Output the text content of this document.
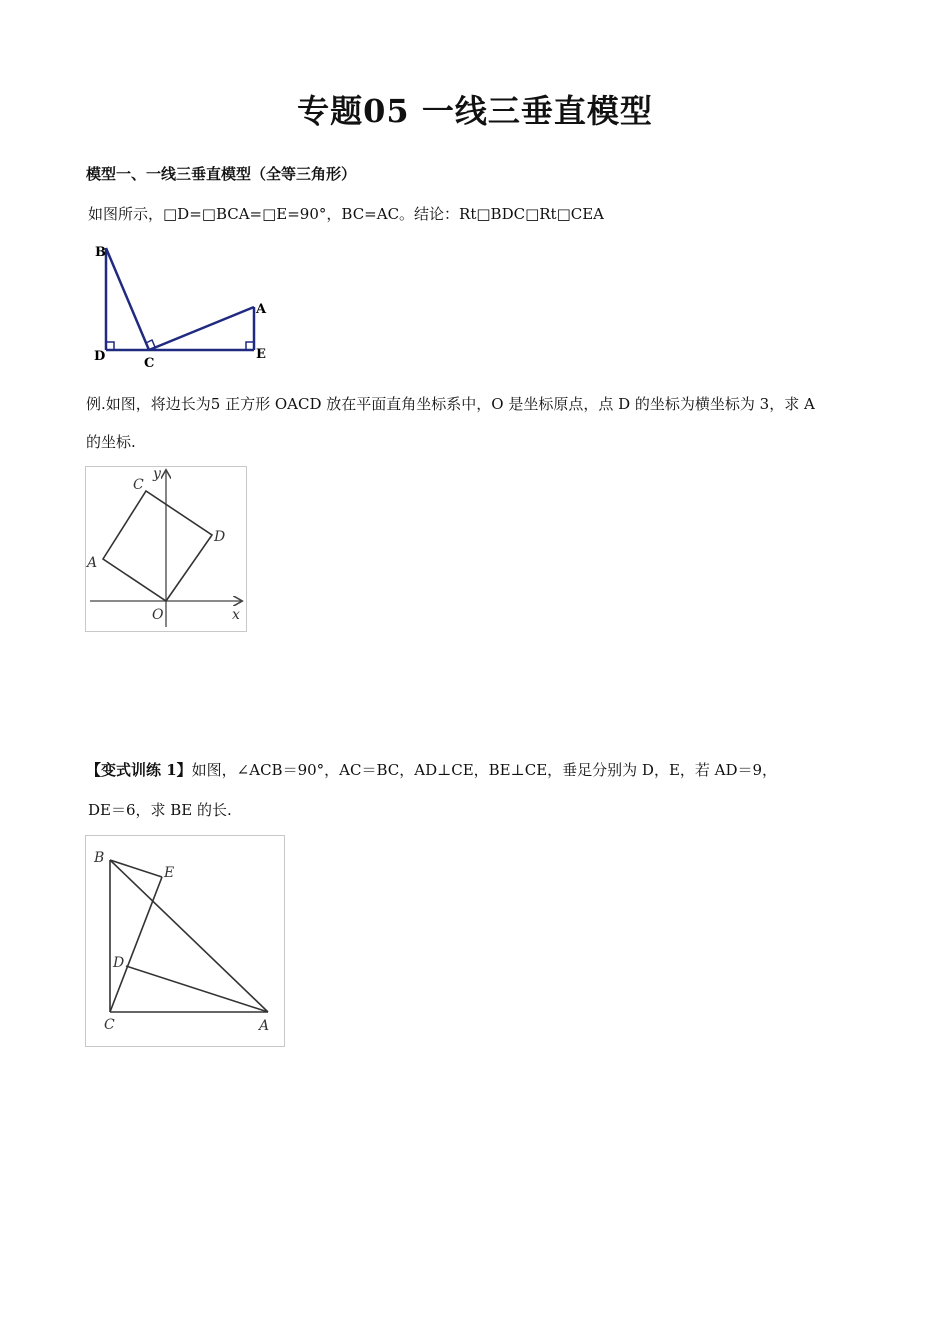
专题05 一线三垂直模型
模型一、一线三垂直模型（全等三角形）
如图所示，□D=□BCA=□E=90°，BC=AC。结论：Rt□BDC□Rt□CEA
B
A
D	C
E
例.如图，将边长为5 正方形 OACD 放在平面直角坐标系中，O 是坐标原点，点 D 的坐标为横坐标为 3，求 A
的坐标.
y
C
D
A
O	x
【变式训练 1】如图，∠ACB＝90°，AC＝BC，AD⊥CE，BE⊥CE，垂足分别为 D，E，若 AD＝9，
DE＝6，求 BE 的长.
B
E
D
C	A
